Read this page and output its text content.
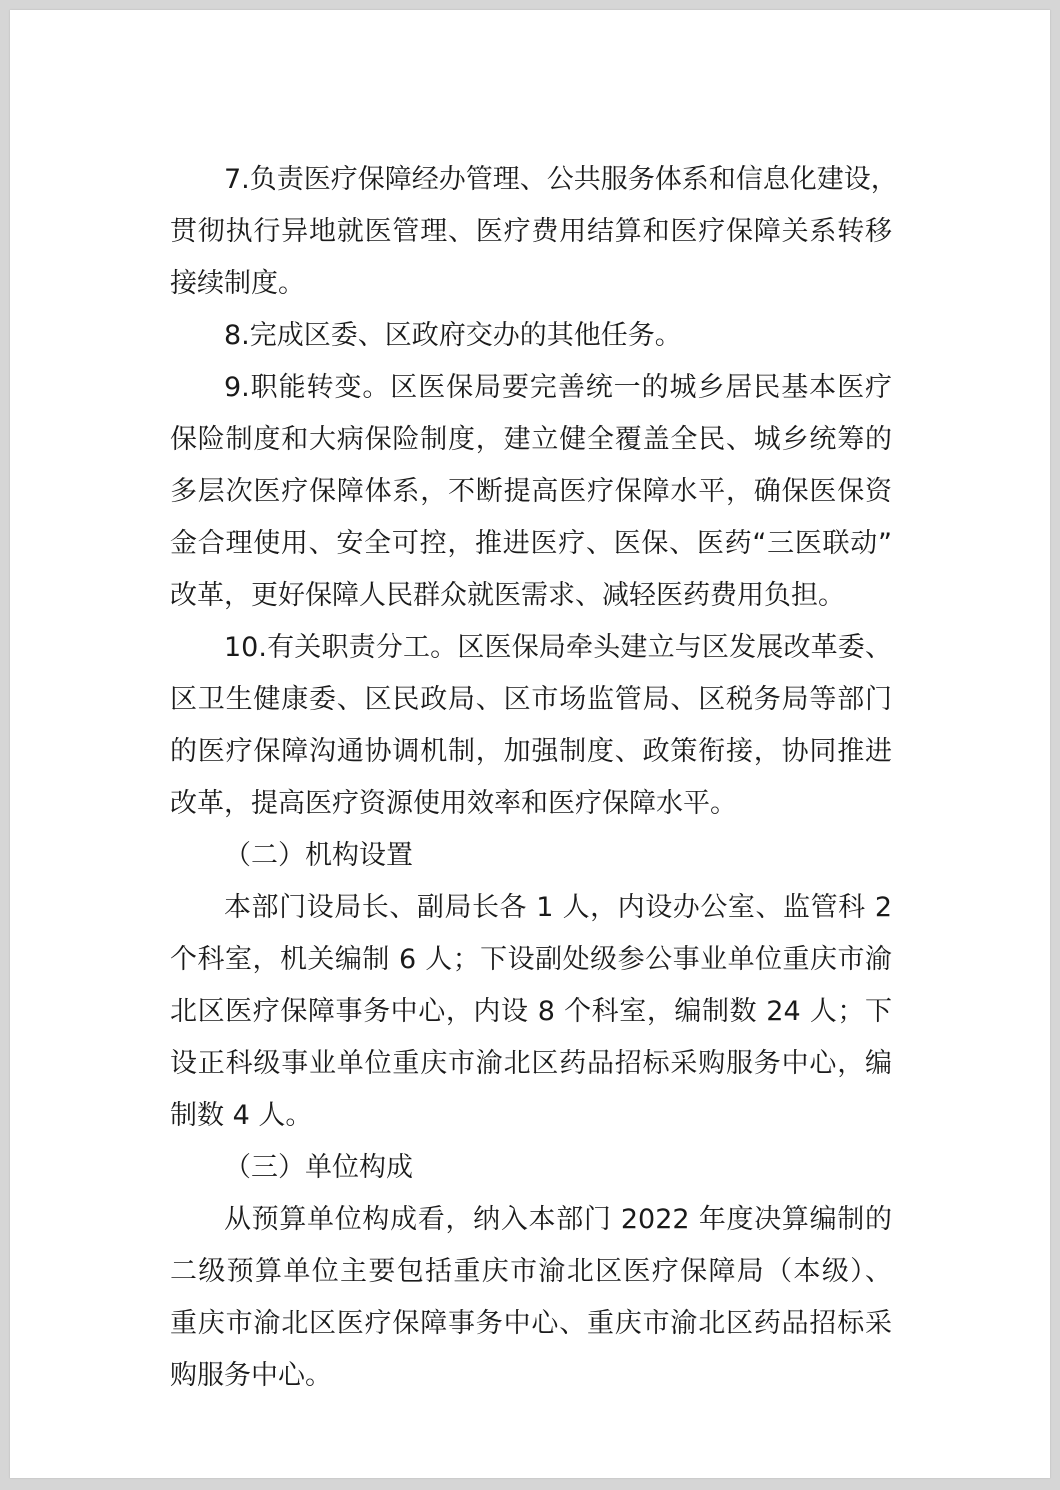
7.负责医疗保障经办管理、公共服务体系和信息化建设，
贯彻执行异地就医管理、医疗费用结算和医疗保障关系转移
接续制度。
8.完成区委、区政府交办的其他任务。
9.职能转变。区医保局要完善统一的城乡居民基本医疗
保险制度和大病保险制度，建立健全覆盖全民、城乡统筹的
多层次医疗保障体系，不断提高医疗保障水平，确保医保资
金合理使用、安全可控，推进医疗、医保、医药“三医联动”
改革，更好保障人民群众就医需求、减轻医药费用负担。
10.有关职责分工。区医保局牵头建立与区发展改革委、
区卫生健康委、区民政局、区市场监管局、区税务局等部门
的医疗保障沟通协调机制，加强制度、政策衔接，协同推进
改革，提高医疗资源使用效率和医疗保障水平。
（二）机构设置
本部门设局长、副局长各 1 人，内设办公室、监管科 2
个科室，机关编制 6 人；下设副处级参公事业单位重庆市渝
北区医疗保障事务中心，内设 8 个科室，编制数 24 人；下
设正科级事业单位重庆市渝北区药品招标采购服务中心，编
制数 4 人。
（三）单位构成
从预算单位构成看，纳入本部门 2022 年度决算编制的
二级预算单位主要包括重庆市渝北区医疗保障局（本级）、
重庆市渝北区医疗保障事务中心、重庆市渝北区药品招标采
购服务中心。
